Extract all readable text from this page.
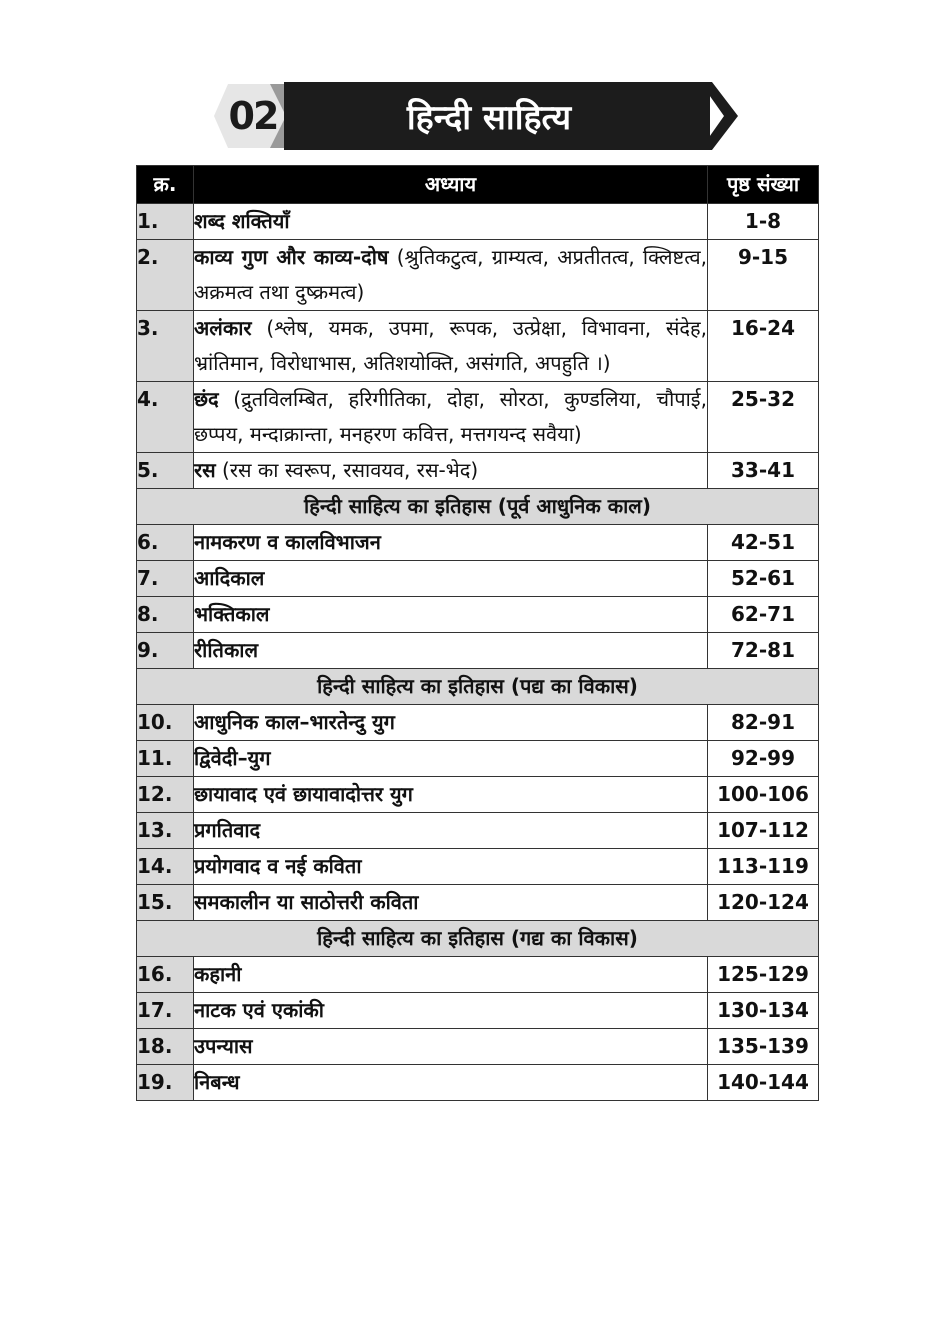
02	हिन्दी साहित्य
क्र.	अध्याय	पृष्ठ संख्या
1.	शब्द शक्तियाँ	1-8
2.	काव्य गुण और काव्य-दोष (श्रुतिकटुत्व, ग्राम्यत्व, अप्रतीतत्व, क्लिष्टत्व, अक्रमत्व तथा दुष्क्रमत्व)	9-15
3.	अलंकार (श्लेष, यमक, उपमा, रूपक, उत्प्रेक्षा, विभावना, संदेह, भ्रांतिमान, विरोधाभास, अतिशयोक्ति, असंगति, अपहुति ।)	16-24
4.	छंद (द्रुतविलम्बित, हरिगीतिका, दोहा, सोरठा, कुण्डलिया, चौपाई, छप्पय, मन्दाक्रान्ता, मनहरण कवित्त, मत्तगयन्द सवैया)	25-32
5.	रस (रस का स्वरूप, रसावयव, रस-भेद)	33-41
हिन्दी साहित्य का इतिहास (पूर्व आधुनिक काल)		
6.	नामकरण व कालविभाजन	42-51
7.	आदिकाल	52-61
8.	भक्तिकाल	62-71
9.	रीतिकाल	72-81
हिन्दी साहित्य का इतिहास (पद्य का विकास)		
10.	आधुनिक काल–भारतेन्दु युग	82-91
11.	द्विवेदी–युग	92-99
12.	छायावाद एवं छायावादोत्तर युग	100-106
13.	प्रगतिवाद	107-112
14.	प्रयोगवाद व नई कविता	113-119
15.	समकालीन या साठोत्तरी कविता	120-124
हिन्दी साहित्य का इतिहास (गद्य का विकास)		
16.	कहानी	125-129
17.	नाटक एवं एकांकी	130-134
18.	उपन्यास	135-139
19.	निबन्ध	140-144
